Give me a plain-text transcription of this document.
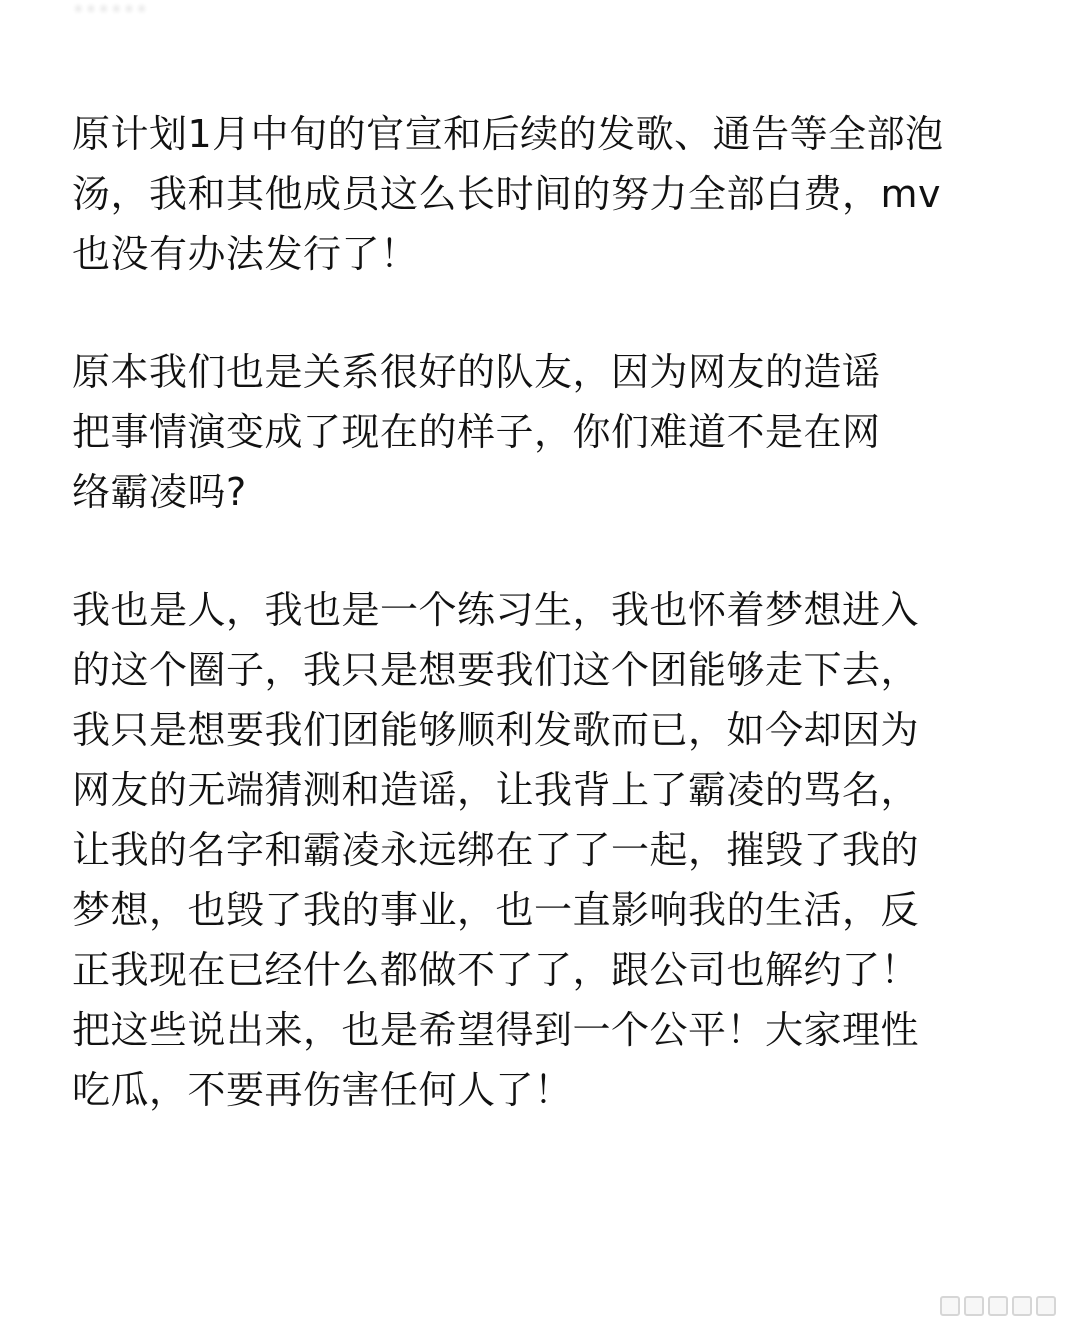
原计划1月中旬的官宣和后续的发歌、通告等全部泡
汤，我和其他成员这么长时间的努力全部白费，mv
也没有办法发行了！
原本我们也是关系很好的队友，因为网友的造谣
把事情演变成了现在的样子，你们难道不是在网
络霸凌吗?
我也是人，我也是一个练习生，我也怀着梦想进入
的这个圈子，我只是想要我们这个团能够走下去，
我只是想要我们团能够顺利发歌而已，如今却因为
网友的无端猜测和造谣，让我背上了霸凌的骂名，
让我的名字和霸凌永远绑在了了一起，摧毁了我的
梦想，也毁了我的事业，也一直影响我的生活，反
正我现在已经什么都做不了了，跟公司也解约了！
把这些说出来，也是希望得到一个公平！大家理性
吃瓜，不要再伤害任何人了！
